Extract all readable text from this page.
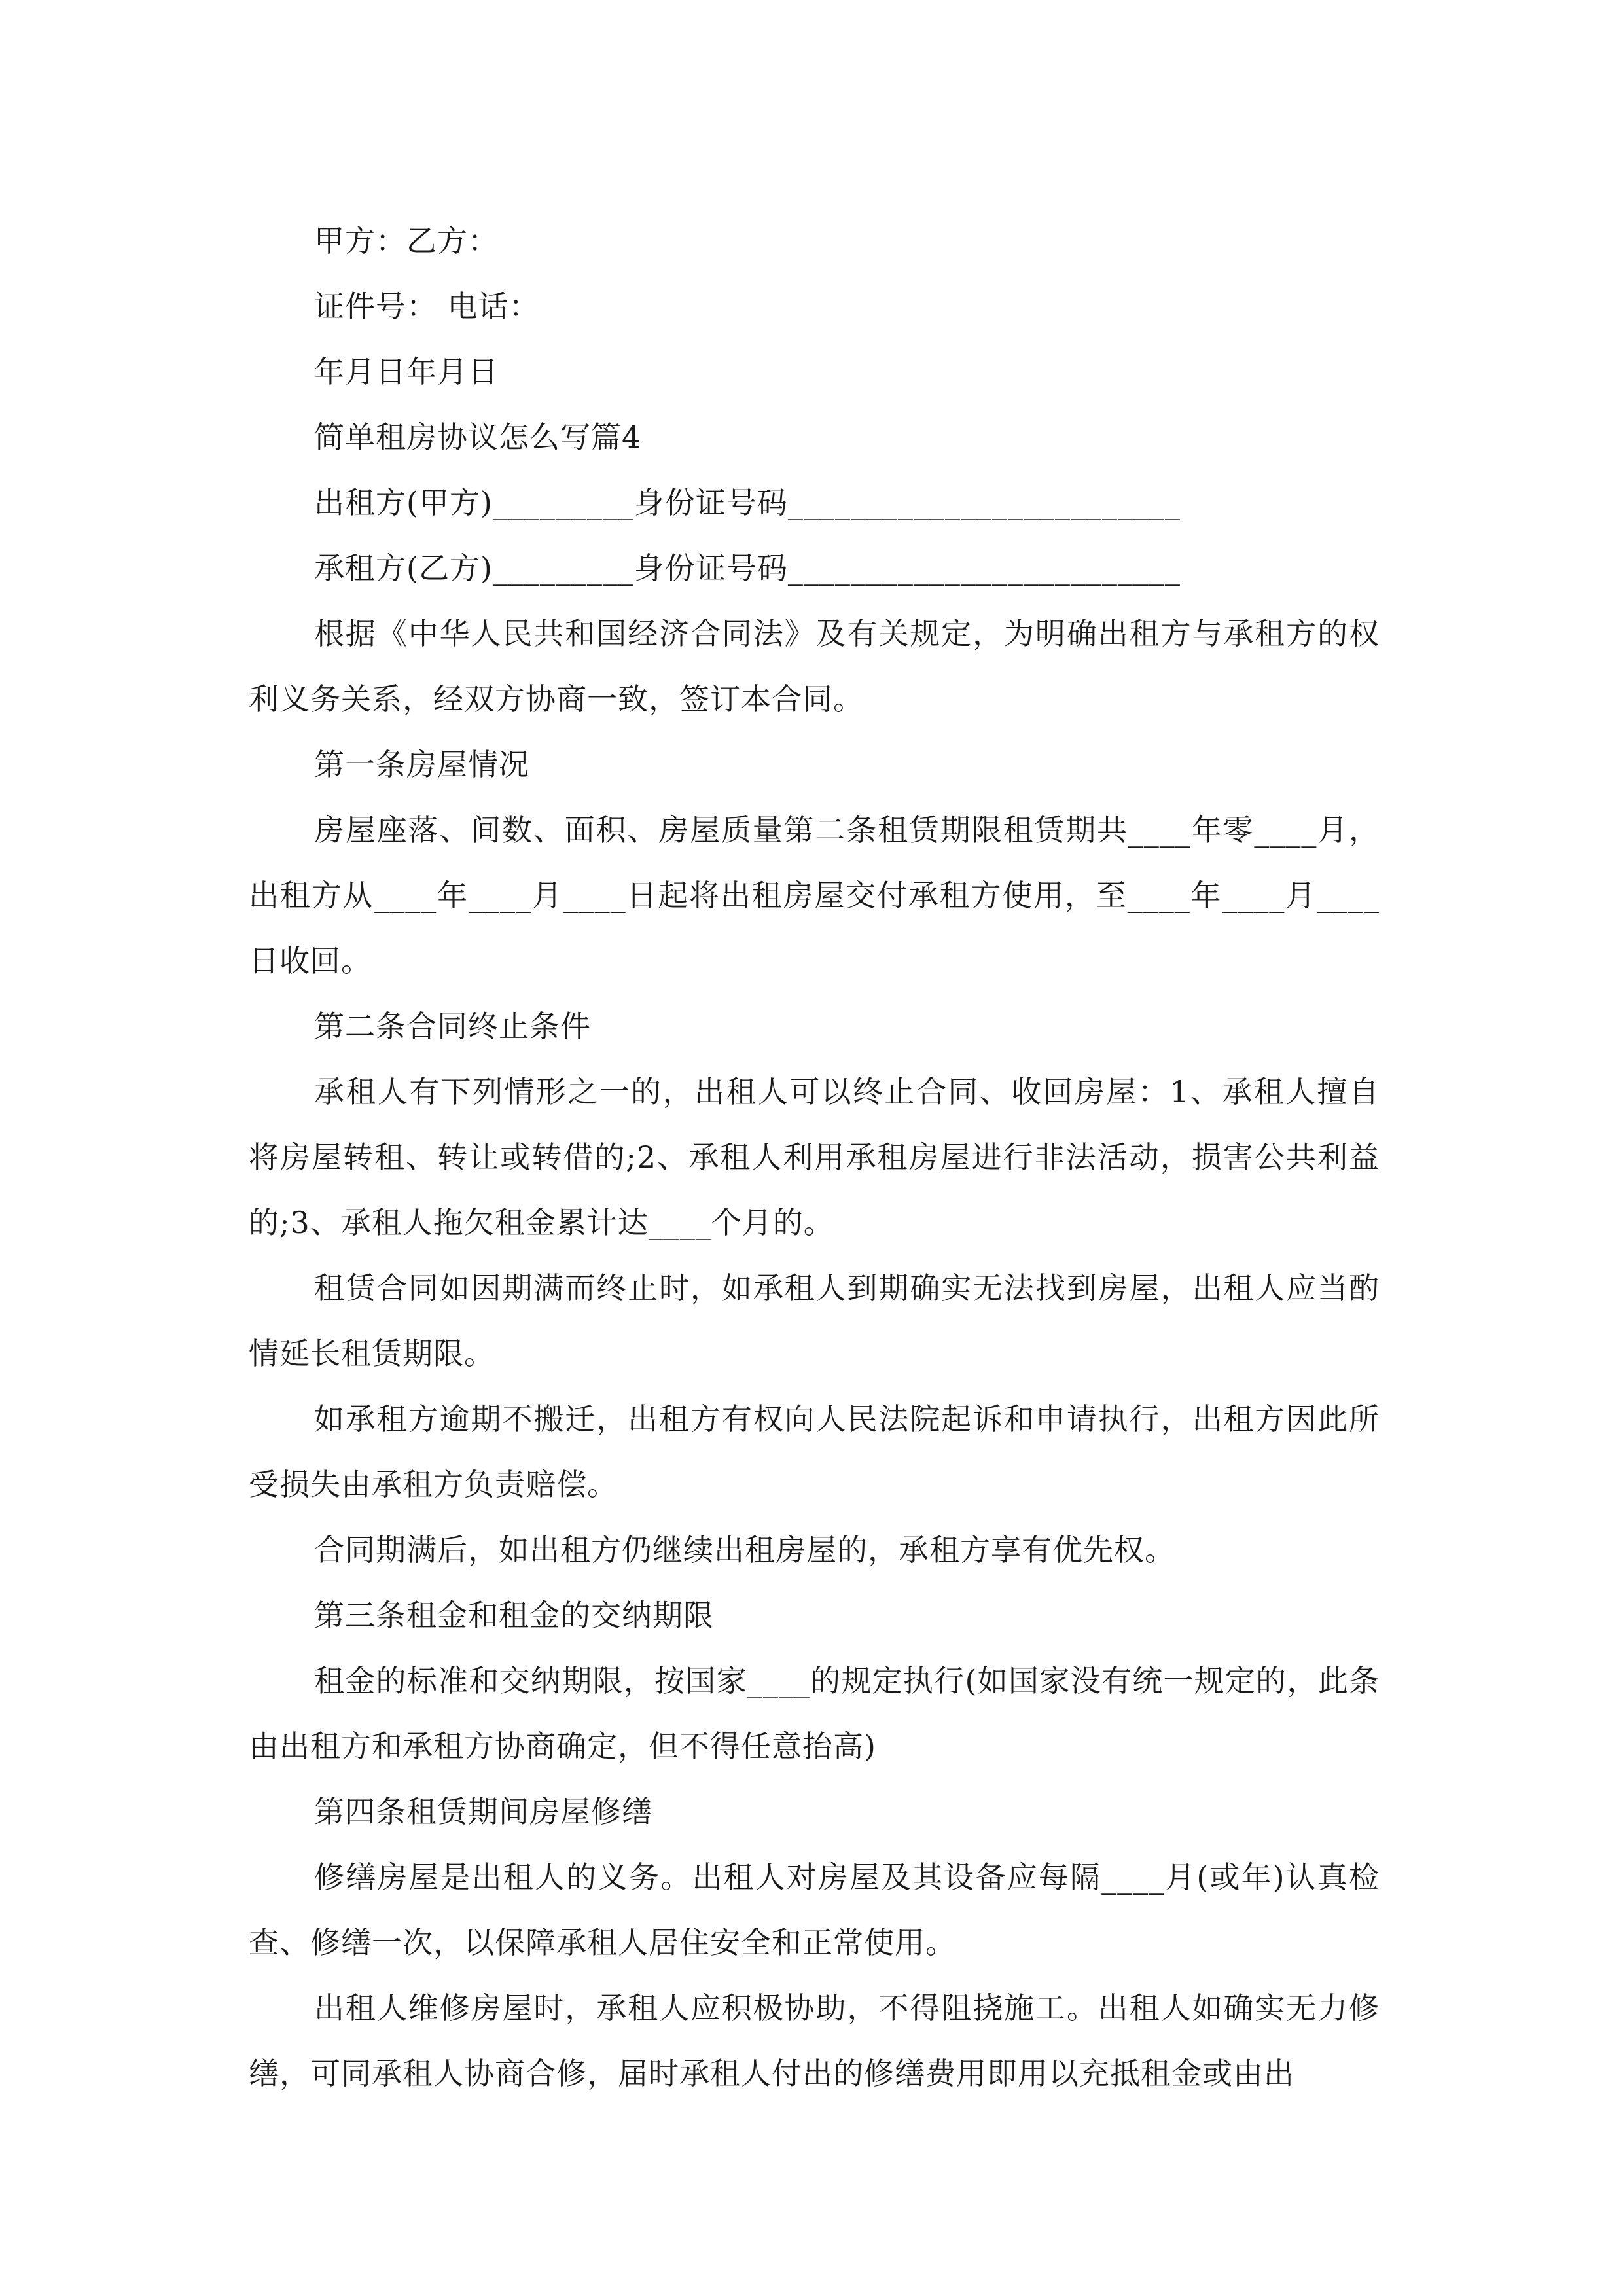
甲方：乙方：
证件号： 电话：
年月日年月日
简单租房协议怎么写篇4
出租方(甲方)_________身份证号码_________________________
承租方(乙方)_________身份证号码_________________________

根据《中华人民共和国经济合同法》及有关规定，为明确出租方与承租方的权利义务关系，经双方协商一致，签订本合同。

第一条房屋情况

房屋座落、间数、面积、房屋质量第二条租赁期限租赁期共____年零____月，出租方从____年____月____日起将出租房屋交付承租方使用，至____年____月____日收回。

第二条合同终止条件

承租人有下列情形之一的，出租人可以终止合同、收回房屋：1、承租人擅自将房屋转租、转让或转借的;2、承租人利用承租房屋进行非法活动，损害公共利益的;3、承租人拖欠租金累计达____个月的。

租赁合同如因期满而终止时，如承租人到期确实无法找到房屋，出租人应当酌情延长租赁期限。

如承租方逾期不搬迁，出租方有权向人民法院起诉和申请执行，出租方因此所受损失由承租方负责赔偿。

合同期满后，如出租方仍继续出租房屋的，承租方享有优先权。

第三条租金和租金的交纳期限

租金的标准和交纳期限，按国家____的规定执行(如国家没有统一规定的，此条由出租方和承租方协商确定，但不得任意抬高)

第四条租赁期间房屋修缮

修缮房屋是出租人的义务。出租人对房屋及其设备应每隔____月(或年)认真检查、修缮一次，以保障承租人居住安全和正常使用。

出租人维修房屋时，承租人应积极协助，不得阻挠施工。出租人如确实无力修缮，可同承租人协商合修，届时承租人付出的修缮费用即用以充抵租金或由出
